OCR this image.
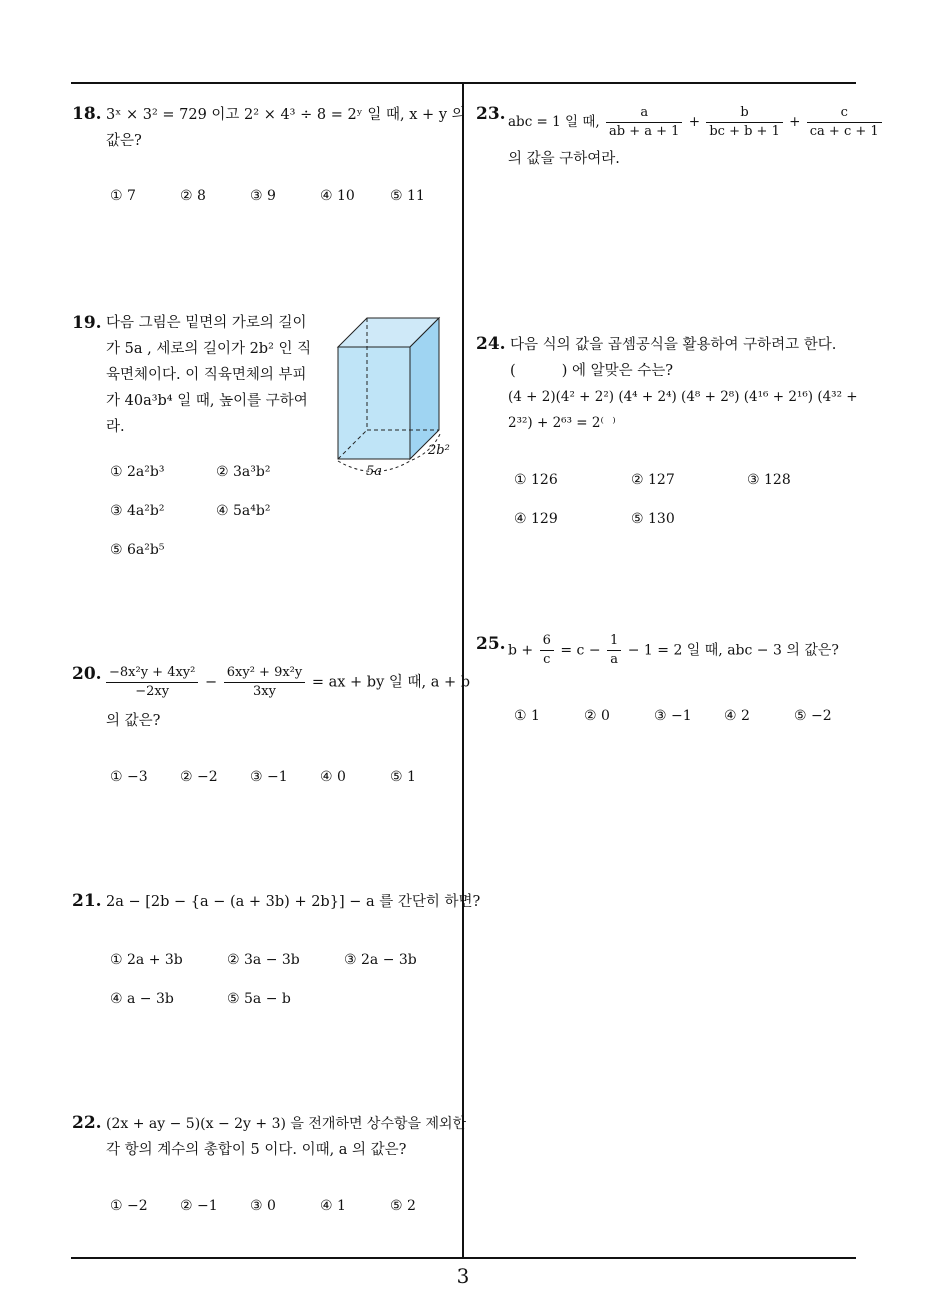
18. 3ˣ × 3² = 729 이고 2² × 4³ ÷ 8 = 2ʸ 일 때, x + y 의
값은?
① 7	② 8	③ 9	④ 10	⑤ 11
19. 다음 그림은 밑면의 가로의 길이
가 5a , 세로의 길이가 2b² 인 직
육면체이다. 이 직육면체의 부피
가 40a³b⁴ 일 때, 높이를 구하여
라.
5a
2b²
① 2a²b³	② 3a³b²
③ 4a²b²	④ 5a⁴b²
⑤ 6a²b⁵
20. $\frac{\text{−8x²y + 4xy²}}{-2xy} - \frac{\text{6xy² + 9x²y}}{3xy}$ = ax + by 일 때, a + b
의 값은?
① −3 ② −2 ③ −1 ④ 0	⑤ 1
21. 2a − [2b − {a − (a + 3b) + 2b}] − a 를 간단히 하면?
① 2a + 3b	② 3a − 3b	③ 2a − 3b
④ a − 3b	⑤ 5a − b
22. (2x + ay − 5)(x − 2y + 3) 을 전개하면 상수항을 제외한
각 항의 계수의 총합이 5 이다. 이때, a 의 값은?
① −2 ② −1 ③ 0	④ 1	⑤ 2
23. abc = 1 일 때, $\frac{a}{ab + a + 1} + \frac{b}{bc + b + 1} + \frac{c}{ca + c + 1}$
의 값을 구하여라.
24. 다음 식의 값을 곱셈공식을 활용하여 구하려고 한다.
(          ) 에 알맞은 수는?
(4 + 2)(4² + 2²) (4⁴ + 2⁴) (4⁸ + 2⁸) (4¹⁶ + 2¹⁶) (4³² +
2³²) + 2⁶³ = 2⁽  ⁾
① 126	② 127	③ 128
④ 129	⑤ 130
25. $b + \frac{6}{c} = c - \frac{1}{a} - 1 = 2$ 일 때, abc − 3 의 값은?
① 1	② 0	③ −1 ④ 2	⑤ −2
3
